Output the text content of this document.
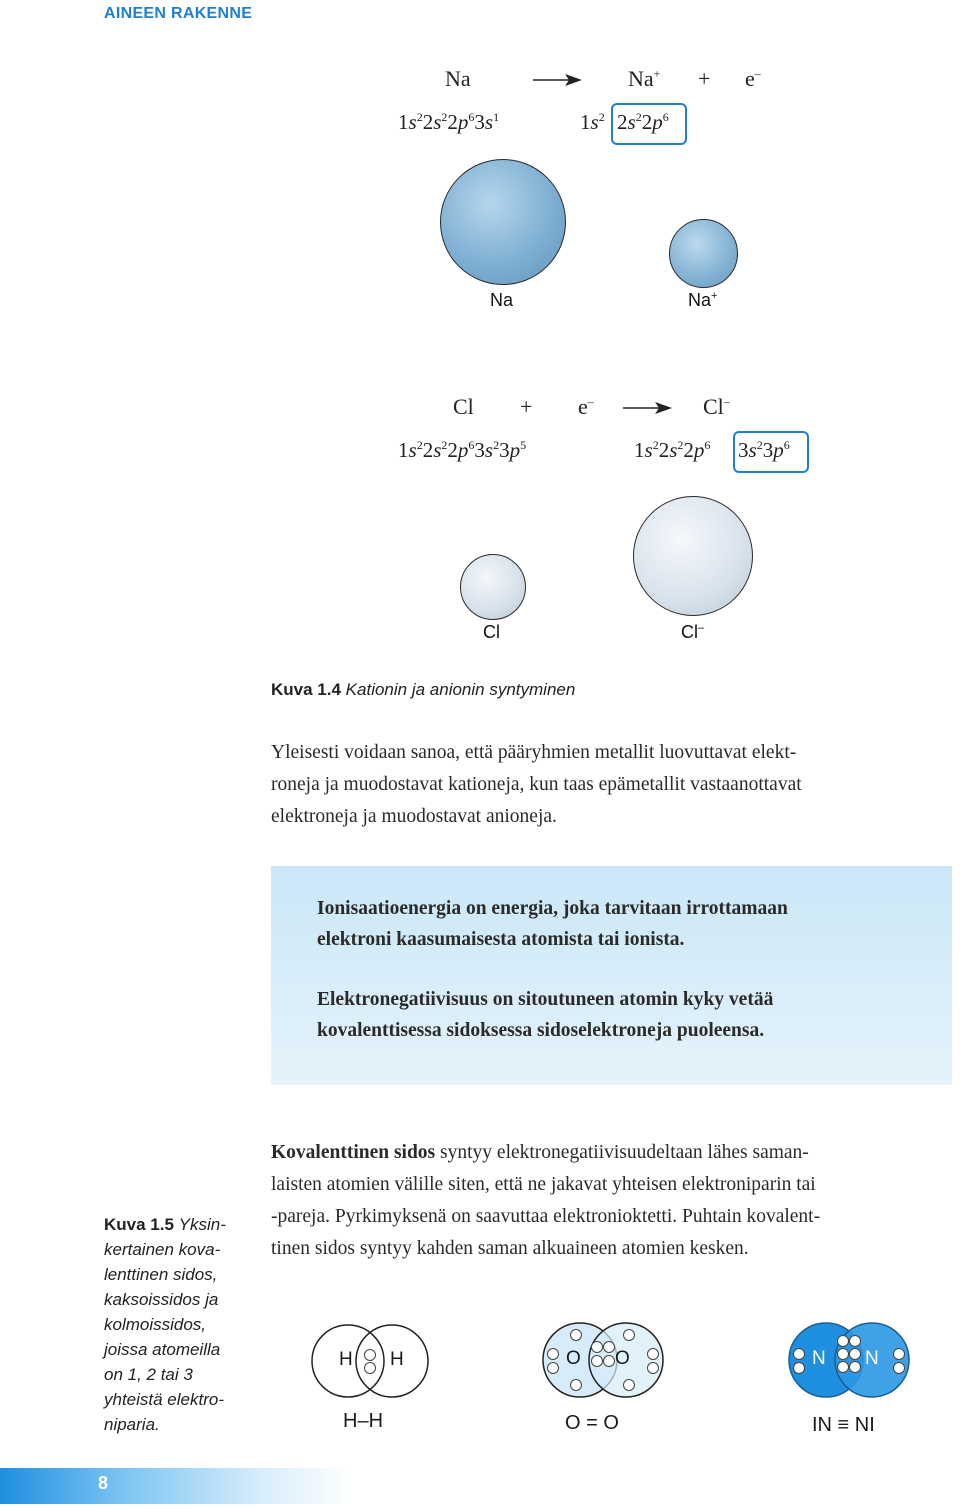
AINEEN RAKENNE
Na	Na+ + e–
$1s^22s^22p^63s^1$	$1s^2$ $2s^22p^6$
Na	Na+
Cl + e–	Cl–
$1s^22s^22p^63s^23p^5$	$1s^22s^22p^6$ $3s^23p^6$
Cl	Cl–
Kuva 1.4 Kationin ja anionin syntyminen
Yleisesti voidaan sanoa, että pääryhmien metallit luovuttavat elekt-
roneja ja muodostavat kationeja, kun taas epämetallit vastaanottavat
elektroneja ja muodostavat anioneja.
Ionisaatioenergia on energia, joka tarvitaan irrottamaan
elektroni kaasumaisesta atomista tai ionista.
Elektronegatiivisuus on sitoutuneen atomin kyky vetää
kovalenttisessa sidoksessa sidoselektroneja puoleensa.
Kovalenttinen sidos syntyy elektronegatiivisuudeltaan lähes saman-
laisten atomien välille siten, että ne jakavat yhteisen elektroniparin tai
-pareja. Pyrkimyksenä on saavuttaa elektronioktetti. Puhtain kovalent-
tinen sidos syntyy kahden saman alkuaineen atomien kesken.
Kuva 1.5 Yksin-
kertainen kova-
lenttinen sidos,
kaksoissidos ja
kolmoissidos,
joissa atomeilla
on 1, 2 tai 3
yhteistä elektro-
niparia.
H H
H–H
O O
O = O
N N
IN ≡ NI
8
